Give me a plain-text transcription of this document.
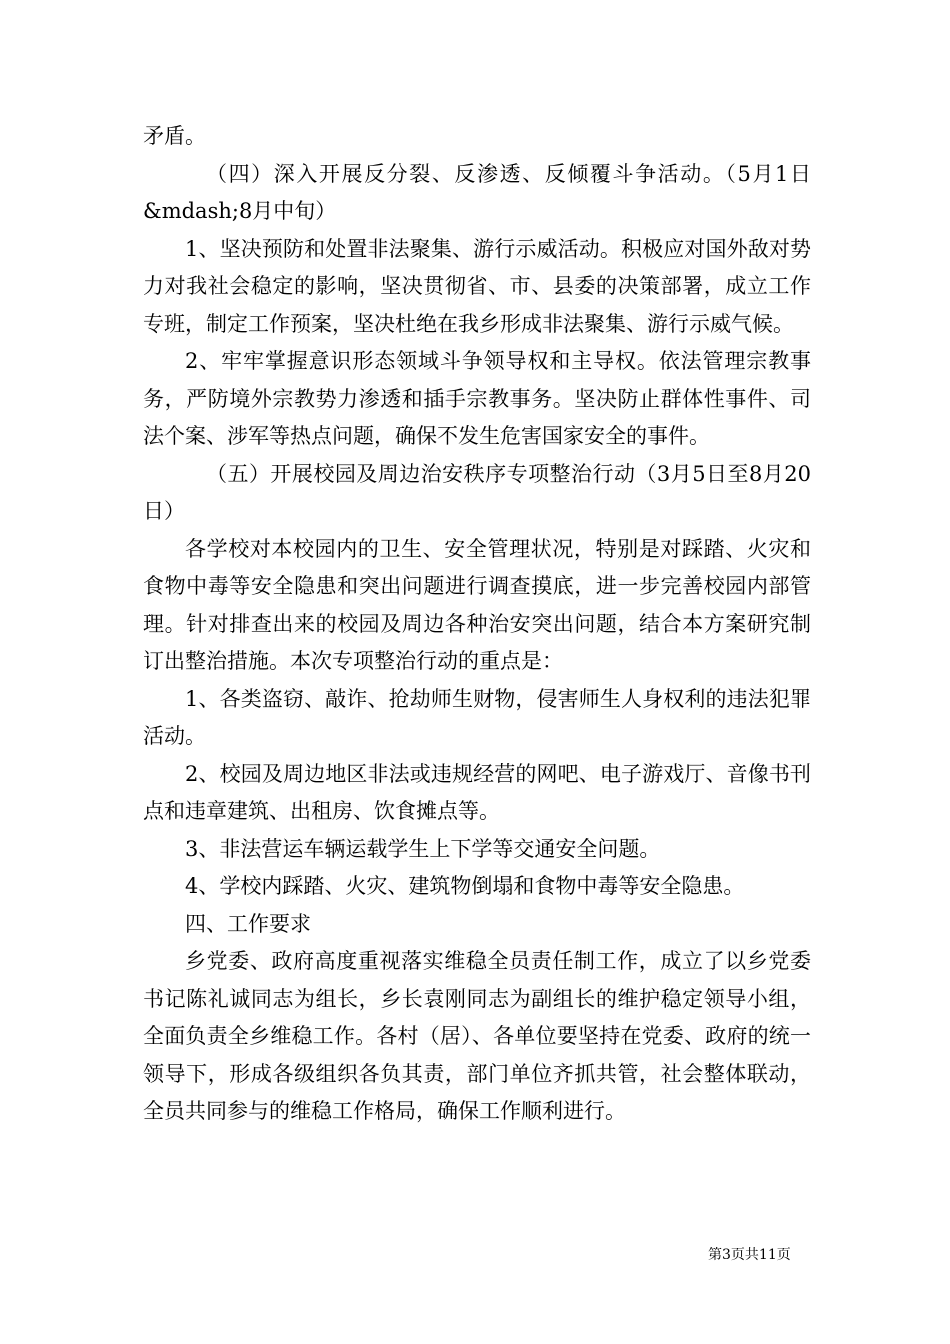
矛盾。

（四）深入开展反分裂、反渗透、反倾覆斗争活动。（5月1日&mdash;8月中旬）

1、坚决预防和处置非法聚集、游行示威活动。积极应对国外敌对势力对我社会稳定的影响，坚决贯彻省、市、县委的决策部署，成立工作专班，制定工作预案，坚决杜绝在我乡形成非法聚集、游行示威气候。

2、牢牢掌握意识形态领域斗争领导权和主导权。依法管理宗教事务，严防境外宗教势力渗透和插手宗教事务。坚决防止群体性事件、司法个案、涉军等热点问题，确保不发生危害国家安全的事件。

（五）开展校园及周边治安秩序专项整治行动（3月5日至8月20日）

各学校对本校园内的卫生、安全管理状况，特别是对踩踏、火灾和食物中毒等安全隐患和突出问题进行调查摸底，进一步完善校园内部管理。针对排查出来的校园及周边各种治安突出问题，结合本方案研究制订出整治措施。本次专项整治行动的重点是：

1、各类盗窃、敲诈、抢劫师生财物，侵害师生人身权利的违法犯罪活动。

2、校园及周边地区非法或违规经营的网吧、电子游戏厅、音像书刊点和违章建筑、出租房、饮食摊点等。

3、非法营运车辆运载学生上下学等交通安全问题。

4、学校内踩踏、火灾、建筑物倒塌和食物中毒等安全隐患。

四、工作要求

乡党委、政府高度重视落实维稳全员责任制工作，成立了以乡党委书记陈礼诚同志为组长，乡长袁刚同志为副组长的维护稳定领导小组，全面负责全乡维稳工作。各村（居）、各单位要坚持在党委、政府的统一领导下，形成各级组织各负其责，部门单位齐抓共管，社会整体联动，全员共同参与的维稳工作格局，确保工作顺利进行。

第3页共11页
